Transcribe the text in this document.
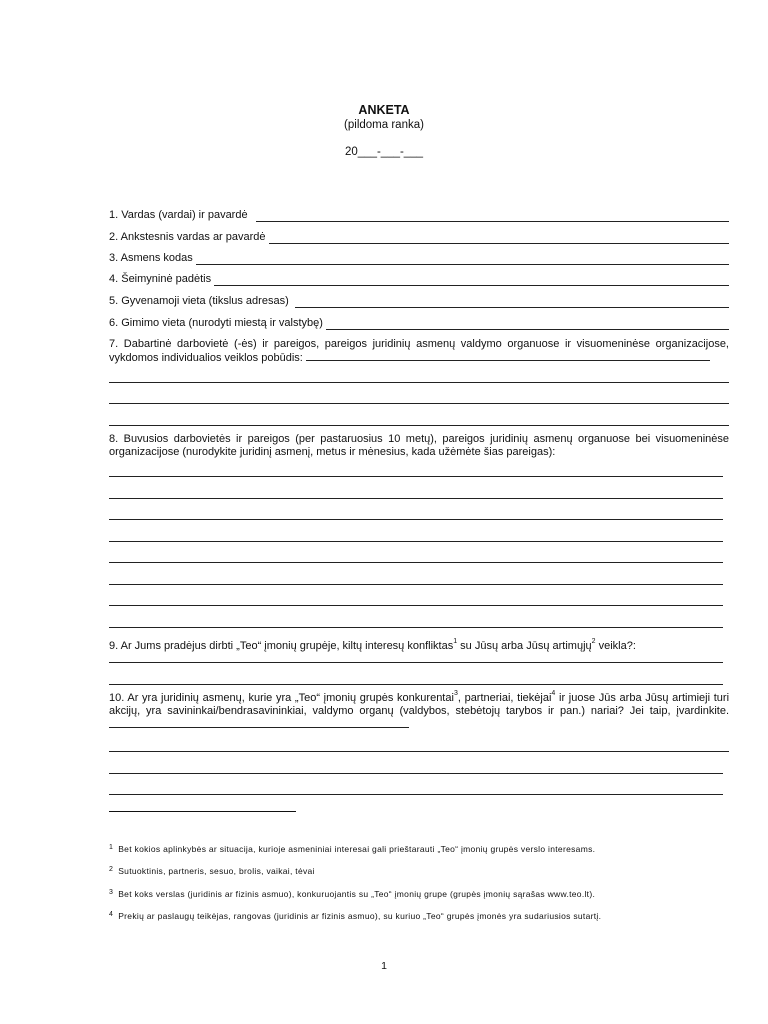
ANKETA
(pildoma ranka)
20___-___-___
1. Vardas (vardai) ir pavardė
2. Ankstesnis vardas ar pavardė
3. Asmens kodas
4. Šeimyninė padėtis
5. Gyvenamoji vieta (tikslus adresas)
6. Gimimo vieta (nurodyti miestą ir valstybę)
7. Dabartinė darbovietė (-ės) ir pareigos, pareigos juridinių asmenų valdymo organuose ir visuomeninėse organizacijose, vykdomos individualios veiklos pobūdis:
8. Buvusios darbovietės ir pareigos (per pastaruosius 10 metų), pareigos juridinių asmenų organuose bei visuomeninėse organizacijose (nurodykite juridinį asmenį, metus ir mėnesius, kada užėmėte šias pareigas):
9. Ar Jums pradėjus dirbti „Teo“ įmonių grupėje, kiltų interesų konfliktas$^1$ su Jūsų arba Jūsų artimųjų$^2$ veikla?:
10. Ar yra juridinių asmenų, kurie yra „Teo“ įmonių grupės konkurentai$^3$, partneriai, tiekėjai$^4$ ir juose Jūs arba Jūsų artimieji turi akcijų, yra savininkai/bendrasavininkiai, valdymo organų (valdybos, stebėtojų tarybos ir pan.) nariai? Jei taip, įvardinkite.
$^1$ Bet kokios aplinkybės ar situacija, kurioje asmeniniai interesai gali prieštarauti „Teo“ įmonių grupės verslo interesams.
$^2$ Sutuoktinis, partneris, sesuo, brolis, vaikai, tėvai
$^3$ Bet koks verslas (juridinis ar fizinis asmuo), konkuruojantis su „Teo“ įmonių grupe (grupės įmonių sąrašas www.teo.lt).
$^4$ Prekių ar paslaugų teikėjas, rangovas (juridinis ar fizinis asmuo), su kuriuo „Teo“ grupės įmonės yra sudariusios sutartį.
1
